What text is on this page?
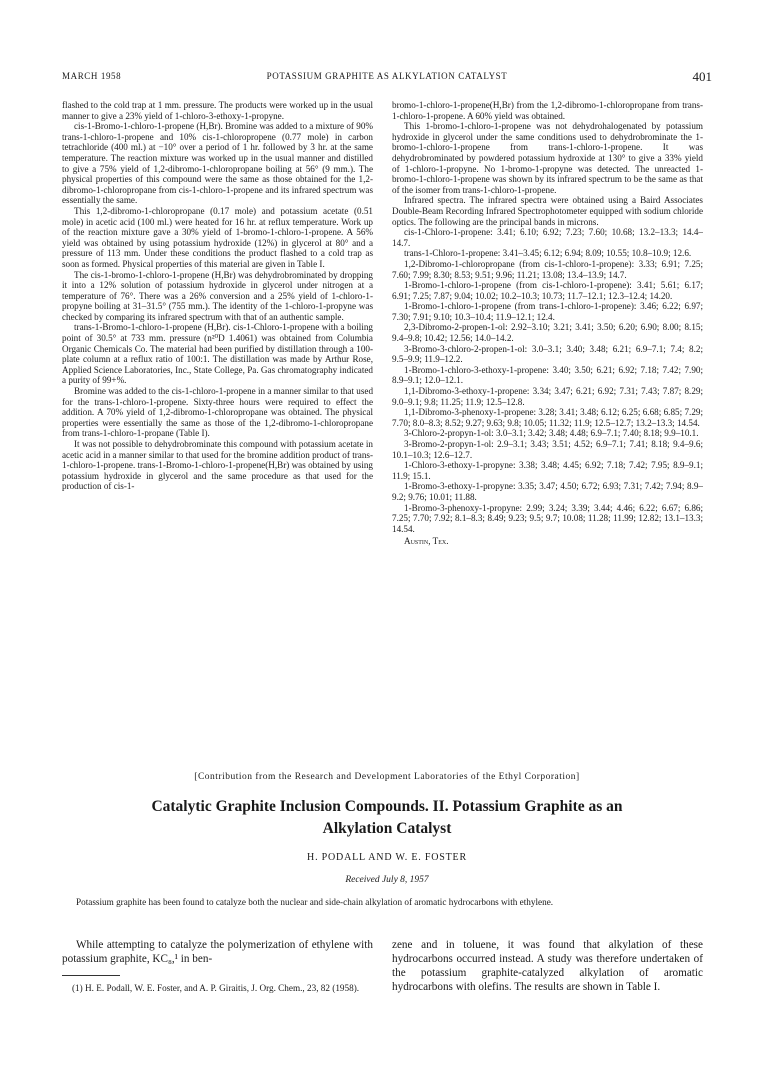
MARCH 1958	POTASSIUM GRAPHITE AS ALKYLATION CATALYST	401

flashed to the cold trap at 1 mm. pressure. The products were worked up in the usual manner to give a 23% yield of 1-chloro-3-ethoxy-1-propyne.

cis-1-Bromo-1-chloro-1-propene (H,Br). Bromine was added to a mixture of 90% trans-1-chloro-1-propene and 10% cis-1-chloropropene (0.77 mole) in carbon tetrachloride (400 ml.) at −10° over a period of 1 hr. followed by 3 hr. at the same temperature. The reaction mixture was worked up in the usual manner and distilled to give a 75% yield of 1,2-dibromo-1-chloropropane boiling at 56° (9 mm.). The physical properties of this compound were the same as those obtained for the 1,2-dibromo-1-chloropropane from cis-1-chloro-1-propene and its infrared spectrum was essentially the same.

This 1,2-dibromo-1-chloropropane (0.17 mole) and potassium acetate (0.51 mole) in acetic acid (100 ml.) were heated for 16 hr. at reflux temperature. Work up of the reaction mixture gave a 30% yield of 1-bromo-1-chloro-1-propene. A 56% yield was obtained by using potassium hydroxide (12%) in glycerol at 80° and a pressure of 113 mm. Under these conditions the product flashed to a cold trap as soon as formed. Physical properties of this material are given in Table I.

The cis-1-bromo-1-chloro-1-propene (H,Br) was dehydrobrominated by dropping it into a 12% solution of potassium hydroxide in glycerol under nitrogen at a temperature of 76°. There was a 26% conversion and a 25% yield of 1-chloro-1-propyne boiling at 31–31.5° (755 mm.). The identity of the 1-chloro-1-propyne was checked by comparing its infrared spectrum with that of an authentic sample.

trans-1-Bromo-1-chloro-1-propene (H,Br). cis-1-Chloro-1-propene with a boiling point of 30.5° at 733 mm. pressure (n²⁰D 1.4061) was obtained from Columbia Organic Chemicals Co. The material had been purified by distillation through a 100-plate column at a reflux ratio of 100:1. The distillation was made by Arthur Rose, Applied Science Laboratories, Inc., State College, Pa. Gas chromatography indicated a purity of 99+%.

Bromine was added to the cis-1-chloro-1-propene in a manner similar to that used for the trans-1-chloro-1-propene. Sixty-three hours were required to effect the addition. A 70% yield of 1,2-dibromo-1-chloropropane was obtained. The physical properties were essentially the same as those of the 1,2-dibromo-1-chloropropane from trans-1-chloro-1-propane (Table I).

It was not possible to dehydrobrominate this compound with potassium acetate in acetic acid in a manner similar to that used for the bromine addition product of trans-1-chloro-1-propene. trans-1-Bromo-1-chloro-1-propene(H,Br) was obtained by using potassium hydroxide in glycerol and the same procedure as that used for the production of cis-1-

bromo-1-chloro-1-propene(H,Br) from the 1,2-dibromo-1-chloropropane from trans-1-chloro-1-propene. A 60% yield was obtained.

This 1-bromo-1-chloro-1-propene was not dehydrohalogenated by potassium hydroxide in glycerol under the same conditions used to dehydrobrominate the 1-bromo-1-chloro-1-propene from trans-1-chloro-1-propene. It was dehydrobrominated by powdered potassium hydroxide at 130° to give a 33% yield of 1-chloro-1-propyne. No 1-bromo-1-propyne was detected. The unreacted 1-bromo-1-chloro-1-propene was shown by its infrared spectrum to be the same as that of the isomer from trans-1-chloro-1-propene.

Infrared spectra. The infrared spectra were obtained using a Baird Associates Double-Beam Recording Infrared Spectrophotometer equipped with sodium chloride optics. The following are the principal bands in microns.

cis-1-Chloro-1-propene: 3.41; 6.10; 6.92; 7.23; 7.60; 10.68; 13.2–13.3; 14.4–14.7.

trans-1-Chloro-1-propene: 3.41–3.45; 6.12; 6.94; 8.09; 10.55; 10.8–10.9; 12.6.

1,2-Dibromo-1-chloropropane (from cis-1-chloro-1-propene): 3.33; 6.91; 7.25; 7.60; 7.99; 8.30; 8.53; 9.51; 9.96; 11.21; 13.08; 13.4–13.9; 14.7.

1-Bromo-1-chloro-1-propene (from cis-1-chloro-1-propene): 3.41; 5.61; 6.17; 6.91; 7.25; 7.87; 9.04; 10.02; 10.2–10.3; 10.73; 11.7–12.1; 12.3–12.4; 14.20.

1-Bromo-1-chloro-1-propene (from trans-1-chloro-1-propene): 3.46; 6.22; 6.97; 7.30; 7.91; 9.10; 10.3–10.4; 11.9–12.1; 12.4.

2,3-Dibromo-2-propen-1-ol: 2.92–3.10; 3.21; 3.41; 3.50; 6.20; 6.90; 8.00; 8.15; 9.4–9.8; 10.42; 12.56; 14.0–14.2.

3-Bromo-3-chloro-2-propen-1-ol: 3.0–3.1; 3.40; 3.48; 6.21; 6.9–7.1; 7.4; 8.2; 9.5–9.9; 11.9–12.2.

1-Bromo-1-chloro-3-ethoxy-1-propene: 3.40; 3.50; 6.21; 6.92; 7.18; 7.42; 7.90; 8.9–9.1; 12.0–12.1.

1,1-Dibromo-3-ethoxy-1-propene: 3.34; 3.47; 6.21; 6.92; 7.31; 7.43; 7.87; 8.29; 9.0–9.1; 9.8; 11.25; 11.9; 12.5–12.8.

1,1-Dibromo-3-phenoxy-1-propene: 3.28; 3.41; 3.48; 6.12; 6.25; 6.68; 6.85; 7.29; 7.70; 8.0–8.3; 8.52; 9.27; 9.63; 9.8; 10.05; 11.32; 11.9; 12.5–12.7; 13.2–13.3; 14.54.

3-Chloro-2-propyn-1-ol: 3.0–3.1; 3.42; 3.48; 4.48; 6.9–7.1; 7.40; 8.18; 9.9–10.1.

3-Bromo-2-propyn-1-ol: 2.9–3.1; 3.43; 3.51; 4.52; 6.9–7.1; 7.41; 8.18; 9.4–9.6; 10.1–10.3; 12.6–12.7.

1-Chloro-3-ethoxy-1-propyne: 3.38; 3.48; 4.45; 6.92; 7.18; 7.42; 7.95; 8.9–9.1; 11.9; 15.1.

1-Bromo-3-ethoxy-1-propyne: 3.35; 3.47; 4.50; 6.72; 6.93; 7.31; 7.42; 7.94; 8.9–9.2; 9.76; 10.01; 11.88.

1-Bromo-3-phenoxy-1-propyne: 2.99; 3.24; 3.39; 3.44; 4.46; 6.22; 6.67; 6.86; 7.25; 7.70; 7.92; 8.1–8.3; 8.49; 9.23; 9.5; 9.7; 10.08; 11.28; 11.99; 12.82; 13.1–13.3; 14.54.

Austin, Tex.

[Contribution from the Research and Development Laboratories of the Ethyl Corporation]
Catalytic Graphite Inclusion Compounds. II. Potassium Graphite as an
Alkylation Catalyst
H. PODALL AND W. E. FOSTER
Received July 8, 1957
Potassium graphite has been found to catalyze both the nuclear and side-chain alkylation of aromatic hydrocarbons with ethylene.

While attempting to catalyze the polymerization of ethylene with potassium graphite, KC₈,¹ in ben-

zene and in toluene, it was found that alkylation of these hydrocarbons occurred instead. A study was therefore undertaken of the potassium graphite-catalyzed alkylation of aromatic hydrocarbons with olefins. The results are shown in Table I.

(1) H. E. Podall, W. E. Foster, and A. P. Giraitis, J. Org. Chem., 23, 82 (1958).
